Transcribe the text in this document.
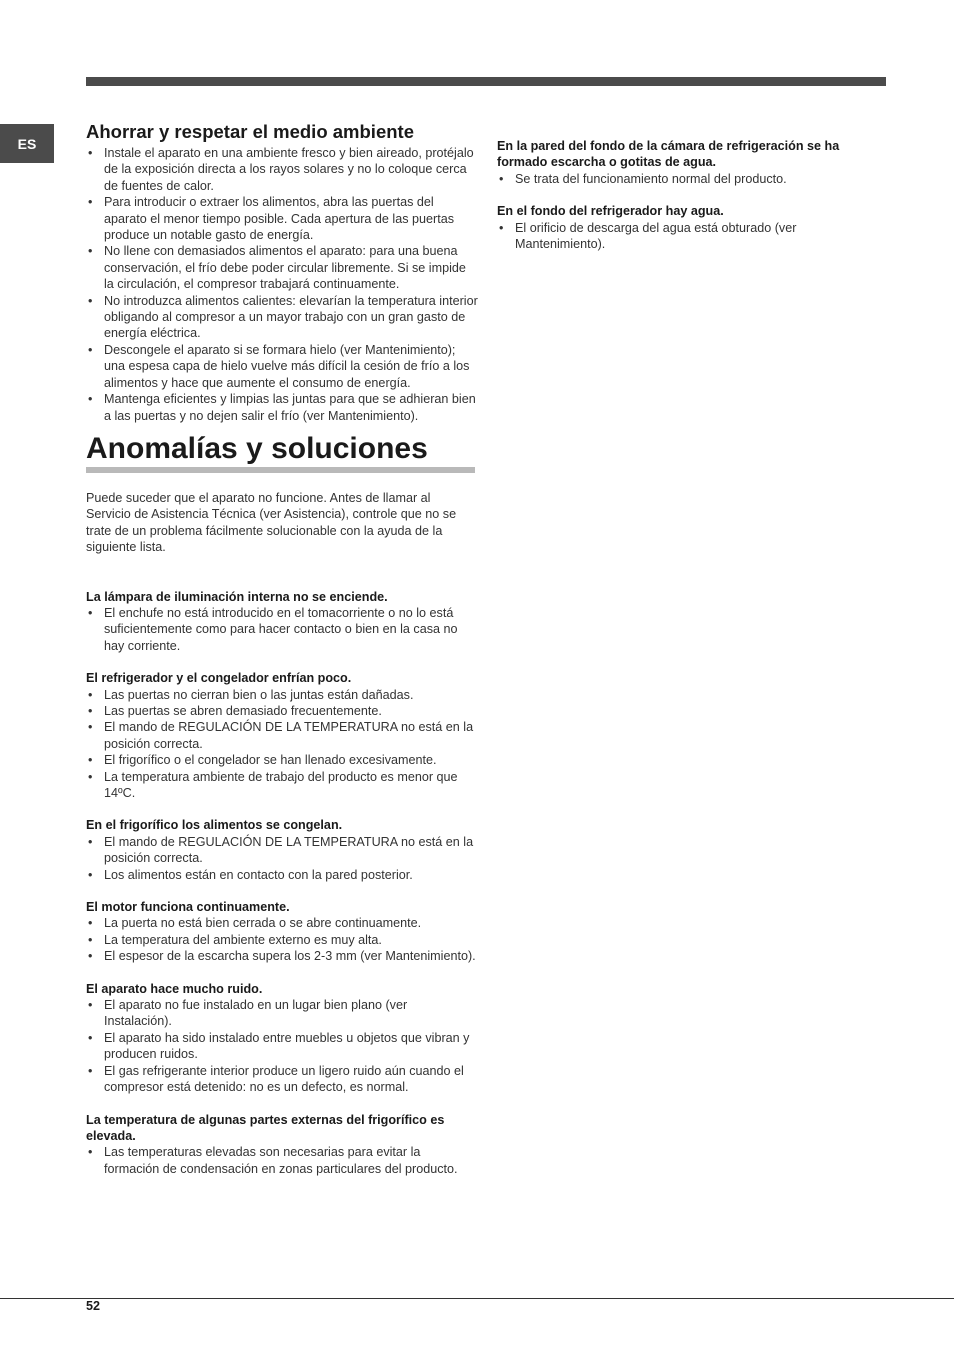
ES
Ahorrar y respetar el medio ambiente
• Instale el aparato en una ambiente fresco y bien aireado, protéjalo de la exposición directa a los rayos solares y no lo coloque cerca de fuentes de calor.
• Para introducir o extraer los alimentos, abra las puertas del aparato el menor tiempo posible. Cada apertura de las puertas produce un notable gasto de energía.
• No llene con demasiados alimentos el aparato: para una buena conservación, el frío debe poder circular libremente. Si se impide la circulación, el compresor trabajará continuamente.
• No introduzca alimentos calientes: elevarían la temperatura interior obligando al compresor a un mayor trabajo con un gran gasto de energía eléctrica.
• Descongele el aparato si se formara hielo (ver Mantenimiento); una espesa capa de hielo vuelve más difícil la cesión de frío a los alimentos y hace que aumente el consumo de energía.
• Mantenga eficientes y limpias las juntas para que se adhieran bien a las puertas y no dejen salir el frío (ver Mantenimiento).
Anomalías y soluciones

Puede suceder que el aparato no funcione. Antes de llamar al Servicio de Asistencia Técnica (ver Asistencia), controle que no se trate de un problema fácilmente solucionable con la ayuda de la siguiente lista.

La lámpara de iluminación interna no se enciende.
• El enchufe no está introducido en el tomacorriente o no lo está suficientemente como para hacer contacto o bien en la casa no hay corriente.
El refrigerador y el congelador enfrían poco.
• Las puertas no cierran bien o las juntas están dañadas.
• Las puertas se abren demasiado frecuentemente.
• El mando de REGULACIÓN DE LA TEMPERATURA no está en la posición correcta.
• El frigorífico o el congelador se han llenado excesivamente.
• La temperatura ambiente de trabajo del producto es menor que 14ºC.
En el frigorífico los alimentos se congelan.
• El mando de REGULACIÓN DE LA TEMPERATURA no está en la posición correcta.
• Los alimentos están en contacto con la pared posterior.
El motor funciona continuamente.
• La puerta no está bien cerrada o se abre continuamente.
• La temperatura del ambiente externo es muy alta.
• El espesor de la escarcha supera los 2-3 mm (ver Mantenimiento).
El aparato hace mucho ruido.
• El aparato no fue instalado en un lugar bien plano (ver Instalación).
• El aparato ha sido instalado entre muebles u objetos que vibran y producen ruidos.
• El gas refrigerante interior produce un ligero ruido aún cuando el compresor está detenido: no es un defecto, es normal.
La temperatura de algunas partes externas del frigorífico es elevada.
• Las temperaturas elevadas son necesarias para evitar la formación de condensación en zonas particulares del producto.
En la pared del fondo de la cámara de refrigeración se ha formado escarcha o gotitas de agua.
• Se trata del funcionamiento normal del producto.
En el fondo del refrigerador hay agua.
• El orificio de descarga del agua está obturado (ver Mantenimiento).
52
